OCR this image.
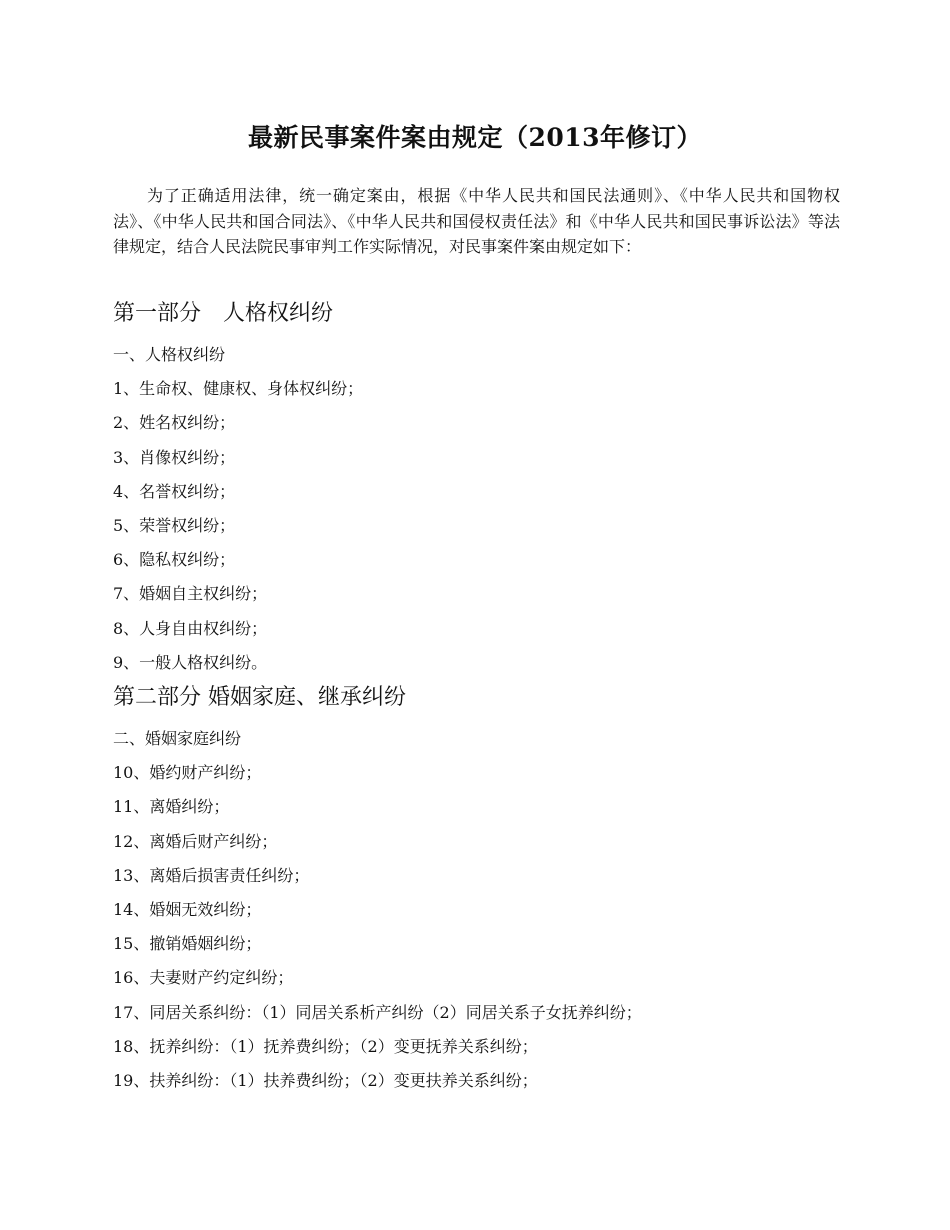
最新民事案件案由规定（2013年修订）

为了正确适用法律，统一确定案由，根据《中华人民共和国民法通则》、《中华人民共和国物权法》、《中华人民共和国合同法》、《中华人民共和国侵权责任法》和《中华人民共和国民事诉讼法》等法律规定，结合人民法院民事审判工作实际情况，对民事案件案由规定如下：

第一部分　人格权纠纷
一、人格权纠纷
1、生命权、健康权、身体权纠纷；
2、姓名权纠纷；
3、肖像权纠纷；
4、名誉权纠纷；
5、荣誉权纠纷；
6、隐私权纠纷；
7、婚姻自主权纠纷；
8、人身自由权纠纷；
9、一般人格权纠纷。
第二部分 婚姻家庭、继承纠纷
二、婚姻家庭纠纷
10、婚约财产纠纷；
11、离婚纠纷；
12、离婚后财产纠纷；
13、离婚后损害责任纠纷；
14、婚姻无效纠纷；
15、撤销婚姻纠纷；
16、夫妻财产约定纠纷；
17、同居关系纠纷：（1）同居关系析产纠纷（2）同居关系子女抚养纠纷；
18、抚养纠纷：（1）抚养费纠纷；（2）变更抚养关系纠纷；
19、扶养纠纷：（1）扶养费纠纷；（2）变更扶养关系纠纷；
